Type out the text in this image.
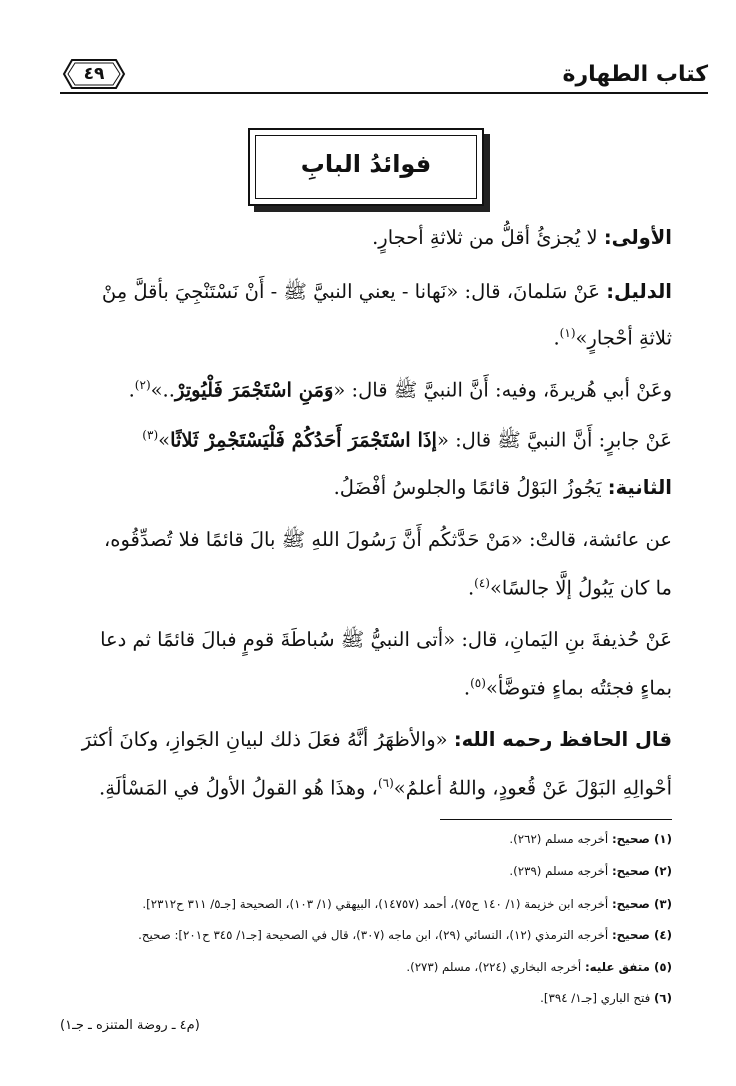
كتاب الطهارة
٤٩
فوائدُ البابِ
الأولى: لا يُجزئُ أقلُّ من ثلاثةِ أحجارٍ.
الدليل: عَنْ سَلمانَ، قال: «نَهانا - يعني النبيَّ ﷺ - أَنْ نَسْتَنْجِيَ بأقلَّ مِنْ
ثلاثةِ أحْجارٍ»$^{(١)}$.
وعَنْ أبي هُريرةَ، وفيه: أَنَّ النبيَّ ﷺ قال: «وَمَنِ اسْتَجْمَرَ فَلْيُوتِرْ..»$^{(٢)}$.
عَنْ جابرٍ: أَنَّ النبيَّ ﷺ قال: «إذَا اسْتَجْمَرَ أَحَدُكُمْ فَلْيَسْتَجْمِرْ ثَلاثًا»$^{(٣)}$
الثانية: يَجُوزُ البَوْلُ قائمًا والجلوسُ أفْضَلُ.
عن عائشة، قالتْ: «مَنْ حَدَّثكُم أَنَّ رَسُولَ اللهِ ﷺ بالَ قائمًا فلا تُصدِّقُوه،
ما كان يَبُولُ إلَّا جالسًا»$^{(٤)}$.
عَنْ حُذيفةَ بنِ اليَمانِ، قال: «أتى النبيُّ ﷺ سُباطَةَ قومٍ فبالَ قائمًا ثم دعا
بماءٍ فجئتُه بماءٍ فتوضَّأ»$^{(٥)}$.
قال الحافظ رحمه الله: «والأظهَرُ أنَّهُ فعَلَ ذلك لبيانِ الجَوازِ، وكانَ أكثرَ
أحْوالِهِ البَوْلَ عَنْ قُعودٍ، واللهُ أعلمُ»$^{(٦)}$، وهذَا هُو القولُ الأولُ في المَسْألَةِ.
(١) صحيح: أخرجه مسلم (٢٦٢).
(٢) صحيح: أخرجه مسلم (٢٣٩).
(٣) صحيح: أخرجه ابن خزيمة (١/ ١٤٠ ح٧٥)، أحمد (١٤٧٥٧)، البيهقي (١/ ١٠٣)، الصحيحة [جـ٥/ ٣١١ ح٢٣١٢].
(٤) صحيح: أخرجه الترمذي (١٢)، النسائي (٢٩)، ابن ماجه (٣٠٧)، قال في الصحيحة [جـ١/ ٣٤٥ ح٢٠١]: صحيح.
(٥) متفق عليه: أخرجه البخاري (٢٢٤)، مسلم (٢٧٣).
(٦) فتح الباري [جـ١/ ٣٩٤].
(م٤ ـ روضة المتنزه ـ جـ١)
